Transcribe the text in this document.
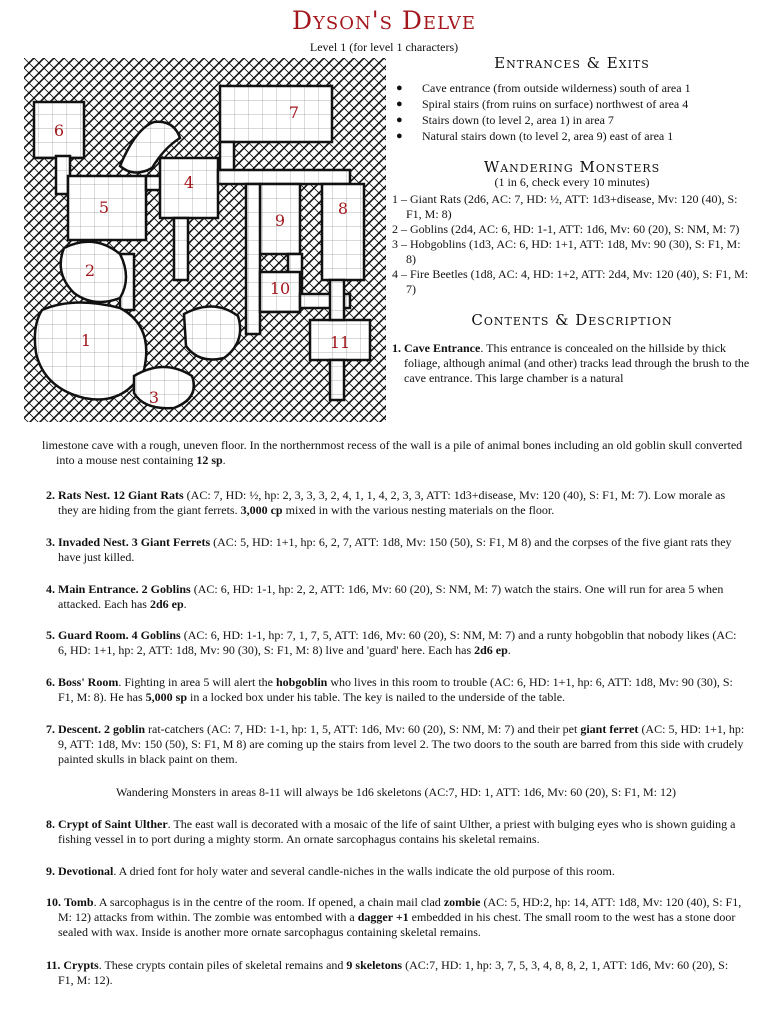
Dyson's Delve
Level 1 (for level 1 characters)
6
7
5
4
9
8
2
10
11
1
3
Entrances & Exits
● Cave entrance (from outside wilderness) south of area 1
● Spiral stairs (from ruins on surface) northwest of area 4
● Stairs down (to level 2, area 1) in area 7
● Natural stairs down (to level 2, area 9) east of area 1
Wandering Monsters
(1 in 6, check every 10 minutes)
1 – Giant Rats (2d6, AC: 7, HD: ½, ATT: 1d3+disease, Mv: 120 (40), S: F1, M: 8)
2 – Goblins (2d4, AC: 6, HD: 1-1, ATT: 1d6, Mv: 60 (20), S: NM, M: 7)
3 – Hobgoblins (1d3, AC: 6, HD: 1+1, ATT: 1d8, Mv: 90 (30), S: F1, M: 8)
4 – Fire Beetles (1d8, AC: 4, HD: 1+2, ATT: 2d4, Mv: 120 (40), S: F1, M: 7)
Contents & Description
1. Cave Entrance. This entrance is concealed on the hillside by thick foliage, although animal (and other) tracks lead through the brush to the cave entrance. This large chamber is a natural

limestone cave with a rough, uneven floor. In the northernmost recess of the wall is a pile of animal bones including an old goblin skull converted into a mouse nest containing 12 sp.

2. Rats Nest. 12 Giant Rats (AC: 7, HD: ½, hp: 2, 3, 3, 3, 2, 4, 1, 1, 4, 2, 3, 3, ATT: 1d3+disease, Mv: 120 (40), S: F1, M: 7). Low morale as they are hiding from the giant ferrets. 3,000 cp mixed in with the various nesting materials on the floor.

3. Invaded Nest. 3 Giant Ferrets (AC: 5, HD: 1+1, hp: 6, 2, 7, ATT: 1d8, Mv: 150 (50), S: F1, M 8) and the corpses of the five giant rats they have just killed.

4. Main Entrance. 2 Goblins (AC: 6, HD: 1-1, hp: 2, 2, ATT: 1d6, Mv: 60 (20), S: NM, M: 7) watch the stairs. One will run for area 5 when attacked. Each has 2d6 ep.

5. Guard Room. 4 Goblins (AC: 6, HD: 1-1, hp: 7, 1, 7, 5, ATT: 1d6, Mv: 60 (20), S: NM, M: 7) and a runty hobgoblin that nobody likes (AC: 6, HD: 1+1, hp: 2, ATT: 1d8, Mv: 90 (30), S: F1, M: 8) live and 'guard' here. Each has 2d6 ep.

6. Boss' Room. Fighting in area 5 will alert the hobgoblin who lives in this room to trouble (AC: 6, HD: 1+1, hp: 6, ATT: 1d8, Mv: 90 (30), S: F1, M: 8). He has 5,000 sp in a locked box under his table. The key is nailed to the underside of the table.

7. Descent. 2 goblin rat-catchers (AC: 7, HD: 1-1, hp: 1, 5, ATT: 1d6, Mv: 60 (20), S: NM, M: 7) and their pet giant ferret (AC: 5, HD: 1+1, hp: 9, ATT: 1d8, Mv: 150 (50), S: F1, M 8) are coming up the stairs from level 2. The two doors to the south are barred from this side with crudely painted skulls in black paint on them.

Wandering Monsters in areas 8-11 will always be 1d6 skeletons (AC:7, HD: 1, ATT: 1d6, Mv: 60 (20), S: F1, M: 12)

8. Crypt of Saint Ulther. The east wall is decorated with a mosaic of the life of saint Ulther, a priest with bulging eyes who is shown guiding a fishing vessel in to port during a mighty storm. An ornate sarcophagus contains his skeletal remains.

9. Devotional. A dried font for holy water and several candle-niches in the walls indicate the old purpose of this room.

10. Tomb. A sarcophagus is in the centre of the room. If opened, a chain mail clad zombie (AC: 5, HD:2, hp: 14, ATT: 1d8, Mv: 120 (40), S: F1, M: 12) attacks from within. The zombie was entombed with a dagger +1 embedded in his chest. The small room to the west has a stone door sealed with wax. Inside is another more ornate sarcophagus containing skeletal remains.

11. Crypts. These crypts contain piles of skeletal remains and 9 skeletons (AC:7, HD: 1, hp: 3, 7, 5, 3, 4, 8, 8, 2, 1, ATT: 1d6, Mv: 60 (20), S: F1, M: 12).
